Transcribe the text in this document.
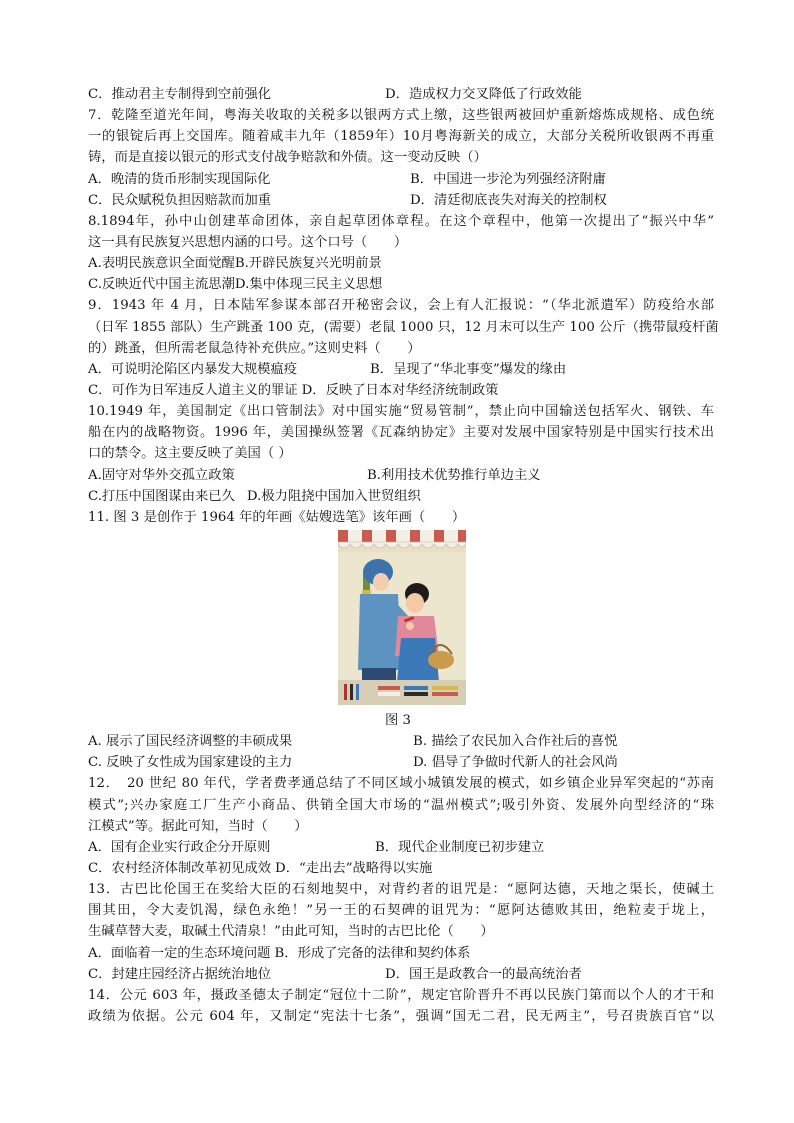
C．推动君主专制得到空前强化	D．造成权力交叉降低了行政效能
7．乾隆至道光年间，粤海关收取的关税多以银两方式上缴，这些银两被回炉重新熔炼成规格、成色统
一的银锭后再上交国库。随着咸丰九年（1859年）10月粤海新关的成立，大部分关税所收银两不再重
铸，而是直接以银元的形式支付战争赔款和外债。这一变动反映（）
A．晚清的货币形制实现国际化	B．中国进一步沦为列强经济附庸
C．民众赋税负担因赔款而加重	D．清廷彻底丧失对海关的控制权
8.1894年，孙中山创建革命团体，亲自起草团体章程。在这个章程中，他第一次提出了“振兴中华”
这一具有民族复兴思想内涵的口号。这个口号（　　）
A.表明民族意识全面觉醒B.开辟民族复兴光明前景
C.反映近代中国主流思潮D.集中体现三民主义思想
9．1943 年 4 月，日本陆军参谋本部召开秘密会议，会上有人汇报说：“（华北派遣军）防疫给水部
（日军 1855 部队）生产跳蚤 100 克，(需要）老鼠 1000 只，12 月末可以生产 100 公斤（携带鼠疫杆菌
的）跳蚤，但所需老鼠急待补充供应。”这则史料（　　）
A．可说明沦陷区内暴发大规模瘟疫	B．呈现了“华北事变”爆发的缘由
C．可作为日军违反人道主义的罪证 D．反映了日本对华经济统制政策
10.1949 年，美国制定《出口管制法》对中国实施“贸易管制”，禁止向中国输送包括军火、钢铁、车
船在内的战略物资。1996 年，美国操纵签署《瓦森纳协定》主要对发展中国家特别是中国实行技术出
口的禁令。这主要反映了美国（ ）
A.固守对华外交孤立政策	B.利用技术优势推行单边主义
C.打压中国图谋由来已久 D.极力阻挠中国加入世贸组织
11. 图 3 是创作于 1964 年的年画《姑嫂选笔》该年画（　　）
图 3
A. 展示了国民经济调整的丰硕成果	B. 描绘了农民加入合作社后的喜悦
C. 反映了女性成为国家建设的主力	D. 倡导了争做时代新人的社会风尚
12．　20 世纪 80 年代，学者费孝通总结了不同区域小城镇发展的模式，如乡镇企业异军突起的“苏南
模式”;兴办家庭工厂生产小商品、供销全国大市场的“温州模式”;吸引外资、发展外向型经济的“珠
江模式”等。据此可知，当时（　　）
A．国有企业实行政企分开原则	B．现代企业制度已初步建立
C．农村经济体制改革初见成效 D．“走出去”战略得以实施
13．古巴比伦国王在奖给大臣的石刻地契中，对背约者的诅咒是：“愿阿达德，天地之渠长，使碱土
围其田，令大麦饥渴，绿色永绝！”另一王的石契碑的诅咒为：“愿阿达德败其田，绝粒麦于垅上，
生碱草替大麦，取碱土代清泉！”由此可知，当时的古巴比伦（　　）
A．面临着一定的生态环境问题 B．形成了完备的法律和契约体系
C．封建庄园经济占据统治地位	D．国王是政教合一的最高统治者
14．公元 603 年，摄政圣德太子制定“冠位十二阶”，规定官阶晋升不再以民族门第而以个人的才干和
政绩为依据。公元 604 年，又制定“宪法十七条”，强调“国无二君，民无两主”，号召贵族百官“以
